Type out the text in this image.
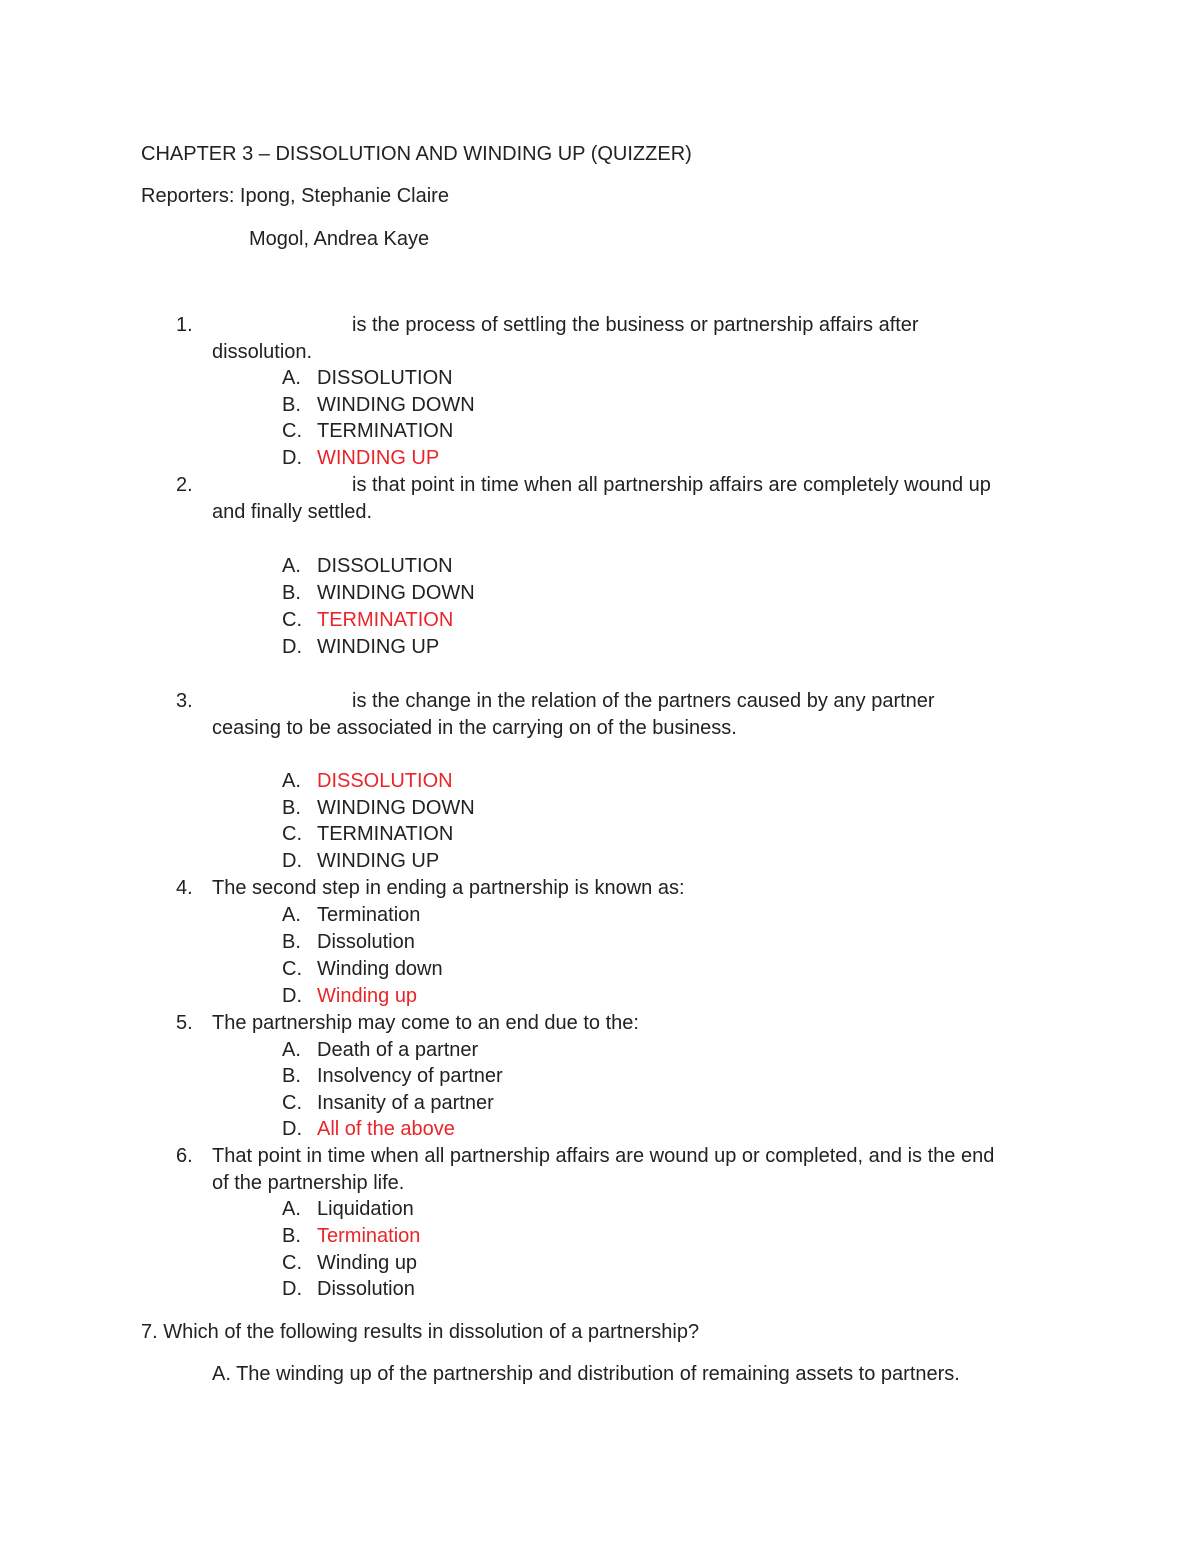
CHAPTER 3 – DISSOLUTION AND WINDING UP (QUIZZER)
Reporters: Ipong, Stephanie Claire
Mogol, Andrea Kaye
1.	is the process of settling the business or partnership affairs after
dissolution.
A. DISSOLUTION
B. WINDING DOWN
C. TERMINATION
D. WINDING UP
2.	is that point in time when all partnership affairs are completely wound up
and finally settled.
A. DISSOLUTION
B. WINDING DOWN
C. TERMINATION
D. WINDING UP
3.	is the change in the relation of the partners caused by any partner
ceasing to be associated in the carrying on of the business.
A. DISSOLUTION
B. WINDING DOWN
C. TERMINATION
D. WINDING UP
4. The second step in ending a partnership is known as:
A. Termination
B. Dissolution
C. Winding down
D. Winding up
5. The partnership may come to an end due to the:
A. Death of a partner
B. Insolvency of partner
C. Insanity of a partner
D. All of the above
6. That point in time when all partnership affairs are wound up or completed, and is the end
of the partnership life.
A. Liquidation
B. Termination
C. Winding up
D. Dissolution
7. Which of the following results in dissolution of a partnership?
A. The winding up of the partnership and distribution of remaining assets to partners.
